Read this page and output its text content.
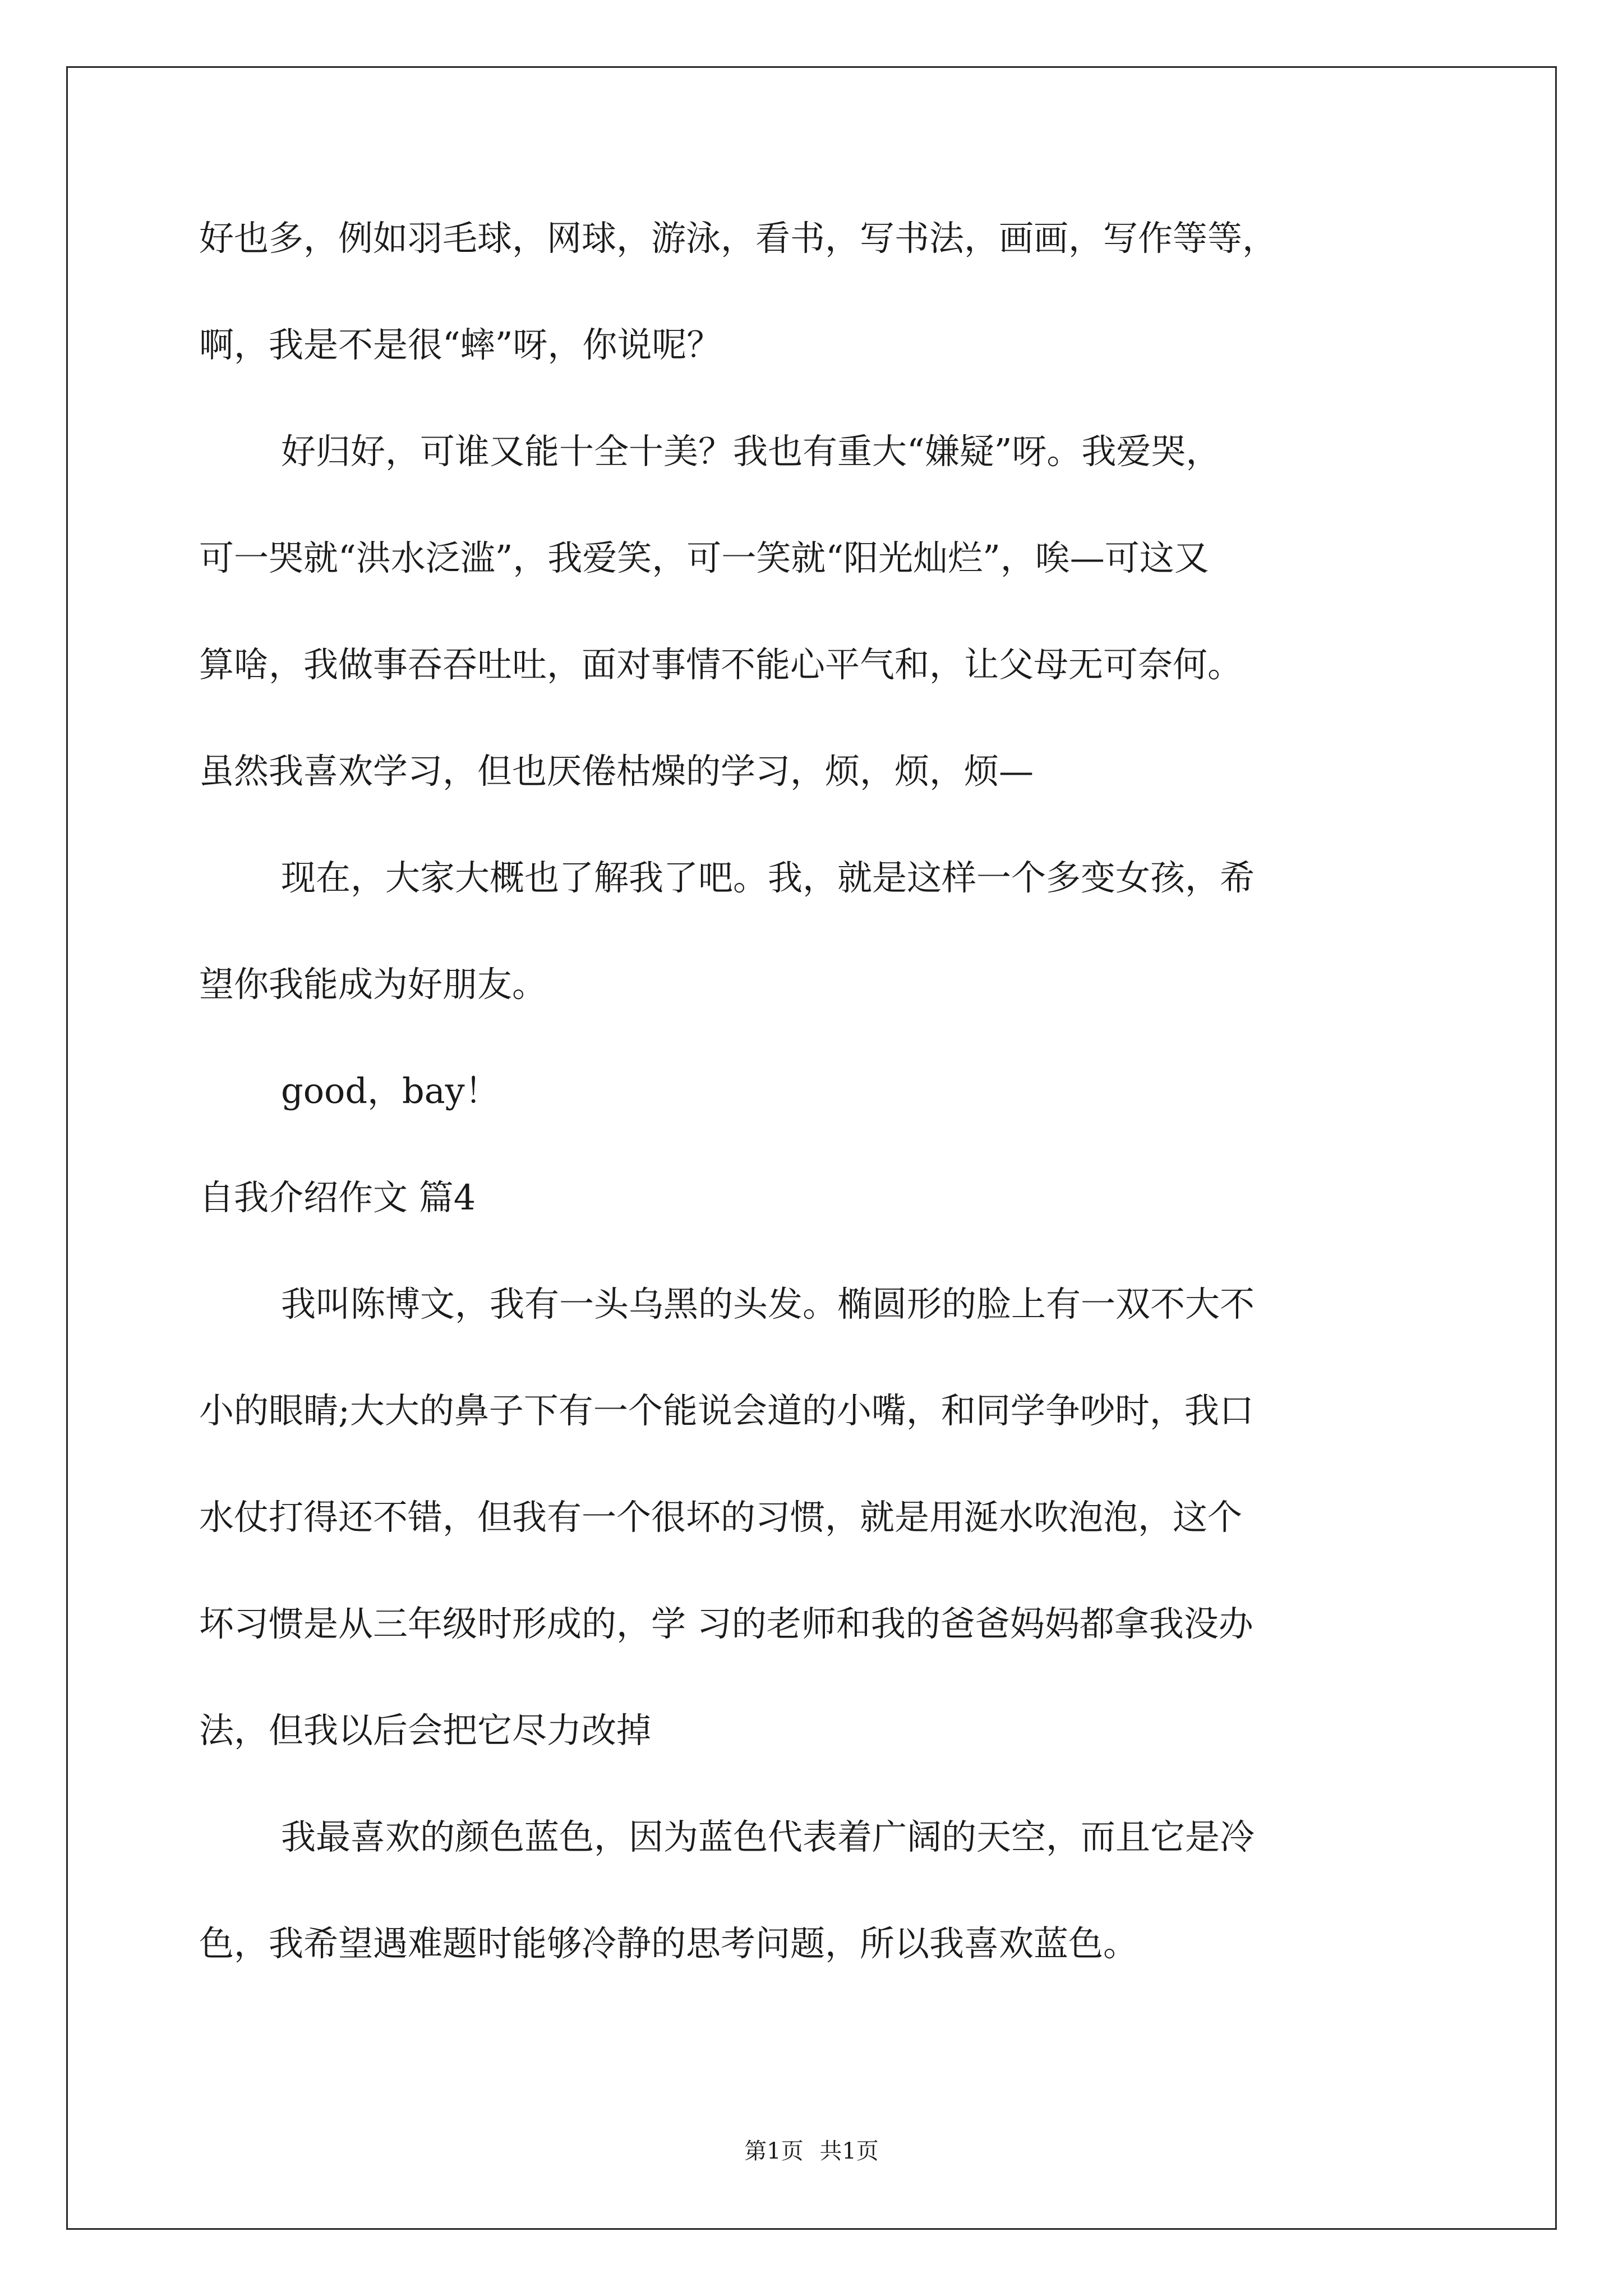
好也多，例如羽毛球，网球，游泳，看书，写书法，画画，写作等等，
啊，我是不是很“蟀”呀，你说呢？
好归好，可谁又能十全十美？我也有重大“嫌疑”呀。我爱哭，
可一哭就“洪水泛滥”，我爱笑，可一笑就“阳光灿烂”，唉—可这又
算啥，我做事吞吞吐吐，面对事情不能心平气和，让父母无可奈何。
虽然我喜欢学习，但也厌倦枯燥的学习，烦，烦，烦—
现在，大家大概也了解我了吧。我，就是这样一个多变女孩，希
望你我能成为好朋友。
good，bay！
自我介绍作文 篇4
我叫陈博文，我有一头乌黑的头发。椭圆形的脸上有一双不大不
小的眼睛;大大的鼻子下有一个能说会道的小嘴，和同学争吵时，我口
水仗打得还不错，但我有一个很坏的习惯，就是用涎水吹泡泡，这个
坏习惯是从三年级时形成的，学 习的老师和我的爸爸妈妈都拿我没办
法，但我以后会把它尽力改掉
我最喜欢的颜色蓝色，因为蓝色代表着广阔的天空，而且它是冷
色，我希望遇难题时能够冷静的思考问题，所以我喜欢蓝色。
第1页 共1页
